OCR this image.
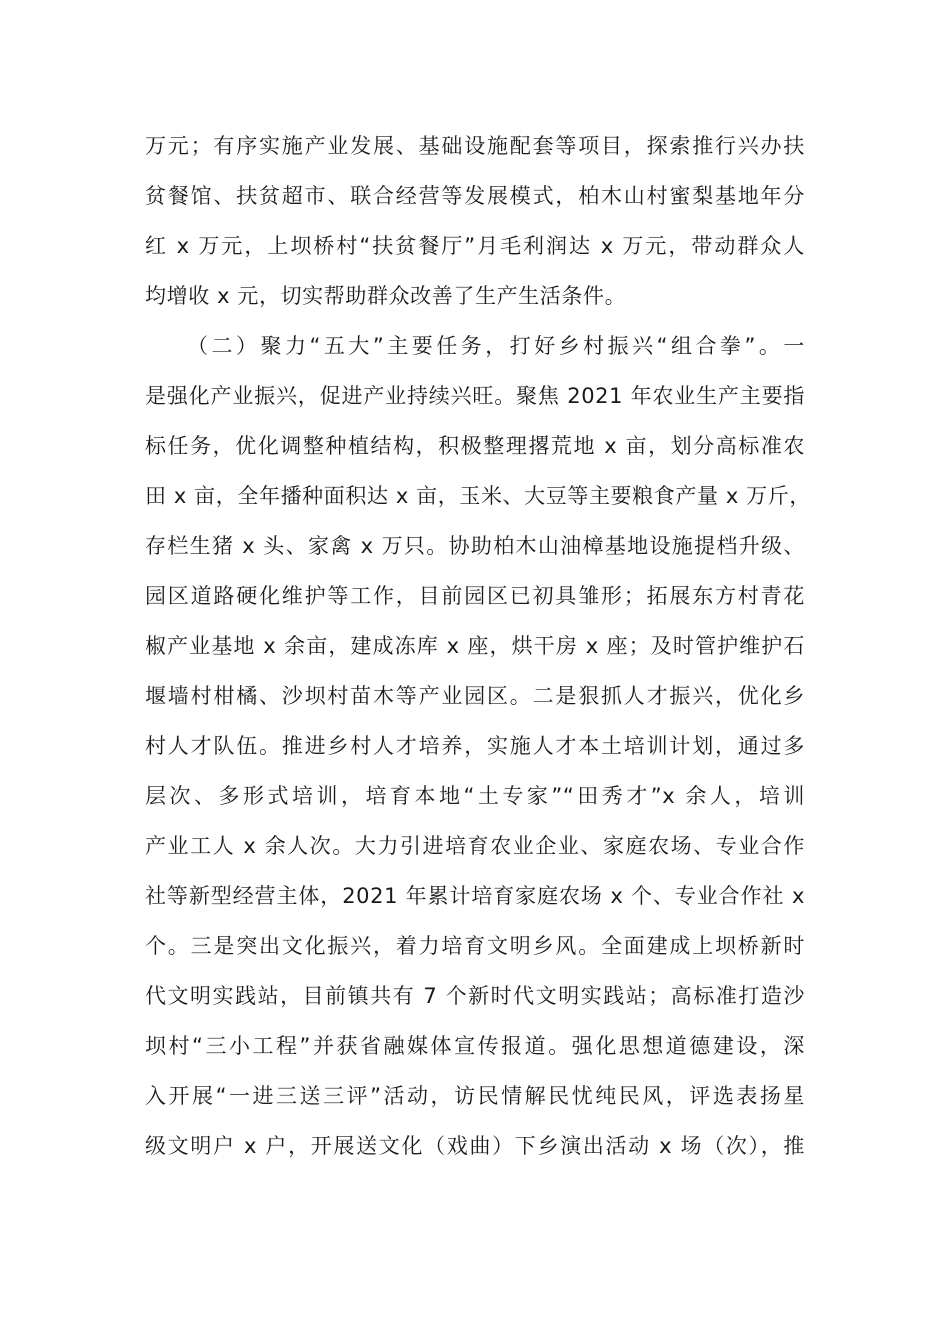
万元；有序实施产业发展、基础设施配套等项目，探索推行兴办扶
贫餐馆、扶贫超市、联合经营等发展模式，柏木山村蜜梨基地年分
红 x 万元，上坝桥村“扶贫餐厅”月毛利润达 x 万元，带动群众人
均增收 x 元，切实帮助群众改善了生产生活条件。
（二）聚力“五大”主要任务，打好乡村振兴“组合拳”。一
是强化产业振兴，促进产业持续兴旺。聚焦 2021 年农业生产主要指
标任务，优化调整种植结构，积极整理撂荒地 x 亩，划分高标准农
田 x 亩，全年播种面积达 x 亩，玉米、大豆等主要粮食产量 x 万斤，
存栏生猪 x 头、家禽 x 万只。协助柏木山油樟基地设施提档升级、
园区道路硬化维护等工作，目前园区已初具雏形；拓展东方村青花
椒产业基地 x 余亩，建成冻库 x 座，烘干房 x 座；及时管护维护石
堰墙村柑橘、沙坝村苗木等产业园区。二是狠抓人才振兴，优化乡
村人才队伍。推进乡村人才培养，实施人才本土培训计划，通过多
层次、多形式培训，培育本地“土专家”“田秀才”x 余人，培训
产业工人 x 余人次。大力引进培育农业企业、家庭农场、专业合作
社等新型经营主体，2021 年累计培育家庭农场 x 个、专业合作社 x
个。三是突出文化振兴，着力培育文明乡风。全面建成上坝桥新时
代文明实践站，目前镇共有 7 个新时代文明实践站；高标准打造沙
坝村“三小工程”并获省融媒体宣传报道。强化思想道德建设，深
入开展“一进三送三评”活动，访民情解民忧纯民风，评选表扬星
级文明户 x 户，开展送文化（戏曲）下乡演出活动 x 场（次），推
